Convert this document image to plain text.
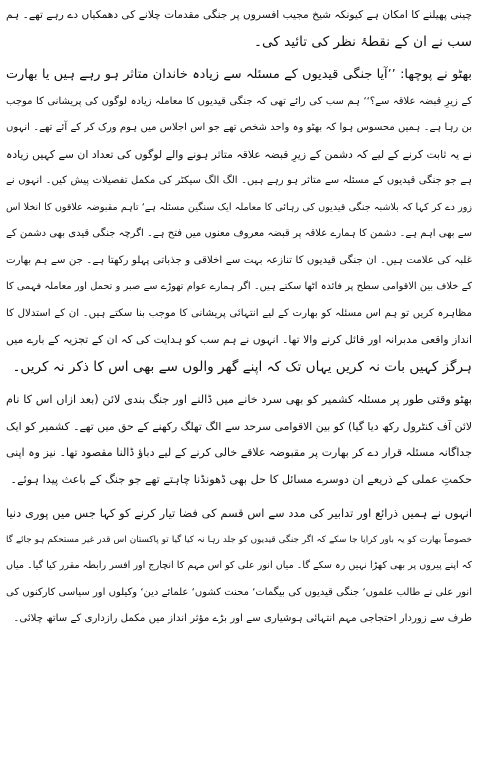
چینی پھیلنے کا امکان ہے کیونکہ شیخ مجیب افسروں پر جنگی مقدمات چلانے کی دھمکیاں دے رہے تھے۔ ہم
سب نے ان کے نقطۂ نظر کی تائید کی۔
بھٹو نے پوچھا: ’’آیا جنگی قیدیوں کے مسئلہ سے زیادہ خاندان متاثر ہو رہے ہیں یا بھارت
کے زیرِ قبضہ علاقہ سے؟‘‘ ہم سب کی رائے تھی کہ جنگی قیدیوں کا معاملہ زیادہ لوگوں کی پریشانی کا موجب
بن رہا ہے۔ ہمیں محسوس ہوا کہ بھٹو وہ واحد شخص تھے جو اس اجلاس میں ہوم ورک کر کے آئے تھے۔ انہوں
نے یہ ثابت کرنے کے لیے کہ دشمن کے زیرِ قبضہ علاقہ متاثر ہونے والے لوگوں کی تعداد ان سے کہیں زیادہ
ہے جو جنگی قیدیوں کے مسئلہ سے متاثر ہو رہے ہیں۔ الگ الگ سیکٹر کی مکمل تفصیلات پیش کیں۔ انہوں نے
زور دے کر کہا کہ بلاشبہ جنگی قیدیوں کی رہائی کا معاملہ ایک سنگین مسئلہ ہے‘ تاہم مقبوضہ علاقوں کا انخلا اس
سے بھی اہم ہے۔ دشمن کا ہمارے علاقہ پر قبضہ معروف معنوں میں فتح ہے۔ اگرچہ جنگی قیدی بھی دشمن کے
غلبہ کی علامت ہیں۔ ان جنگی قیدیوں کا تنازعہ بہت سے اخلاقی و جذباتی پہلو رکھتا ہے۔ جن سے ہم بھارت
کے خلاف بین الاقوامی سطح پر فائدہ اٹھا سکتے ہیں۔ اگر ہمارے عوام تھوڑے سے صبر و تحمل اور معاملہ فہمی کا
مظاہرہ کریں تو ہم اس مسئلہ کو بھارت کے لیے انتہائی پریشانی کا موجب بنا سکتے ہیں۔ ان کے استدلال کا
انداز واقعی مدبرانہ اور قائل کرنے والا تھا۔ انہوں نے ہم سب کو ہدایت کی کہ ان کے تجزیہ کے بارے میں
ہرگز کہیں بات نہ کریں یہاں تک کہ اپنے گھر والوں سے بھی اس کا ذکر نہ کریں۔
بھٹو وقتی طور پر مسئلہ کشمیر کو بھی سرد خانے میں ڈالنے اور جنگ بندی لائن (بعد ازاں اس کا نام
لائن آف کنٹرول رکھ دیا گیا) کو بین الاقوامی سرحد سے الگ تھلگ رکھنے کے حق میں تھے۔ کشمیر کو ایک
جداگانہ مسئلہ قرار دے کر بھارت پر مقبوضہ علاقے خالی کرنے کے لیے دباؤ ڈالنا مقصود تھا۔ نیز وہ اپنی
حکمتِ عملی کے ذریعے ان دوسرے مسائل کا حل بھی ڈھونڈنا چاہتے تھے جو جنگ کے باعث پیدا ہوئے۔
انہوں نے ہمیں ذرائع اور تدابیر کی مدد سے اس قسم کی فضا تیار کرنے کو کہا جس میں پوری دنیا
خصوصاً بھارت کو یہ باور کرایا جا سکے کہ اگر جنگی قیدیوں کو جلد رہا نہ کیا گیا تو پاکستان اس قدر غیر مستحکم ہو جائے گا
کہ اپنے پیروں پر بھی کھڑا نہیں رہ سکے گا۔ میاں انور علی کو اس مہم کا انچارج اور افسر رابطہ مقرر کیا گیا۔ میاں
انور علی نے طالب علموں‘ جنگی قیدیوں کی بیگمات‘ محنت کشوں‘ علمائے دین‘ وکیلوں اور سیاسی کارکنوں کی
طرف سے زوردار احتجاجی مہم انتہائی ہوشیاری سے اور بڑے مؤثر انداز میں مکمل رازداری کے ساتھ چلائی۔
